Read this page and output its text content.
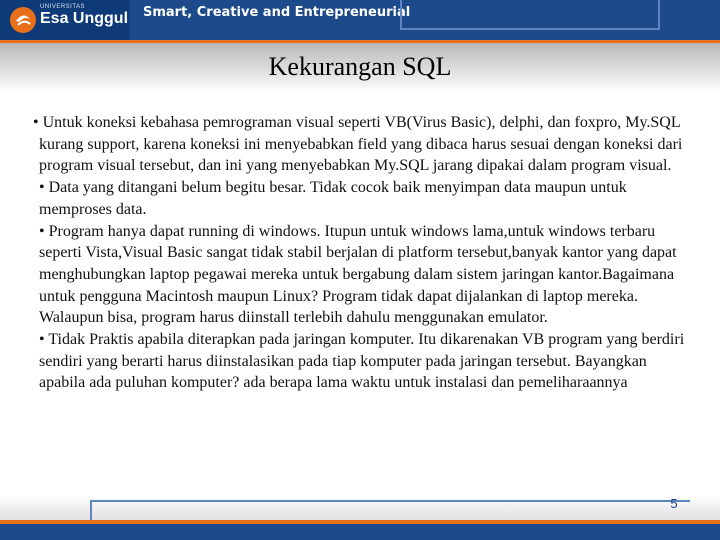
UNIVERSITAS
Esa Unggul Smart, Creative and Entrepreneurial
Kekurangan SQL

• Untuk koneksi kebahasa pemrograman visual seperti VB(Virus Basic), delphi, dan foxpro, My.SQL kurang support, karena koneksi ini menyebabkan field yang dibaca harus sesuai dengan koneksi dari program visual tersebut, dan ini yang menyebabkan My.SQL jarang dipakai dalam program visual.

• Data yang ditangani belum begitu besar. Tidak cocok baik menyimpan data maupun untuk memproses data.

• Program hanya dapat running di windows. Itupun untuk windows lama,untuk windows terbaru seperti Vista,Visual Basic sangat tidak stabil berjalan di platform tersebut,banyak kantor yang dapat menghubungkan laptop pegawai mereka untuk bergabung dalam sistem jaringan kantor.Bagaimana untuk pengguna Macintosh maupun Linux? Program tidak dapat dijalankan di laptop mereka. Walaupun bisa, program harus diinstall terlebih dahulu menggunakan emulator.

• Tidak Praktis apabila diterapkan pada jaringan komputer. Itu dikarenakan VB program yang berdiri sendiri yang berarti harus diinstalasikan pada tiap komputer pada jaringan tersebut. Bayangkan apabila ada puluhan komputer? ada berapa lama waktu untuk instalasi dan pemeliharaannya

5
